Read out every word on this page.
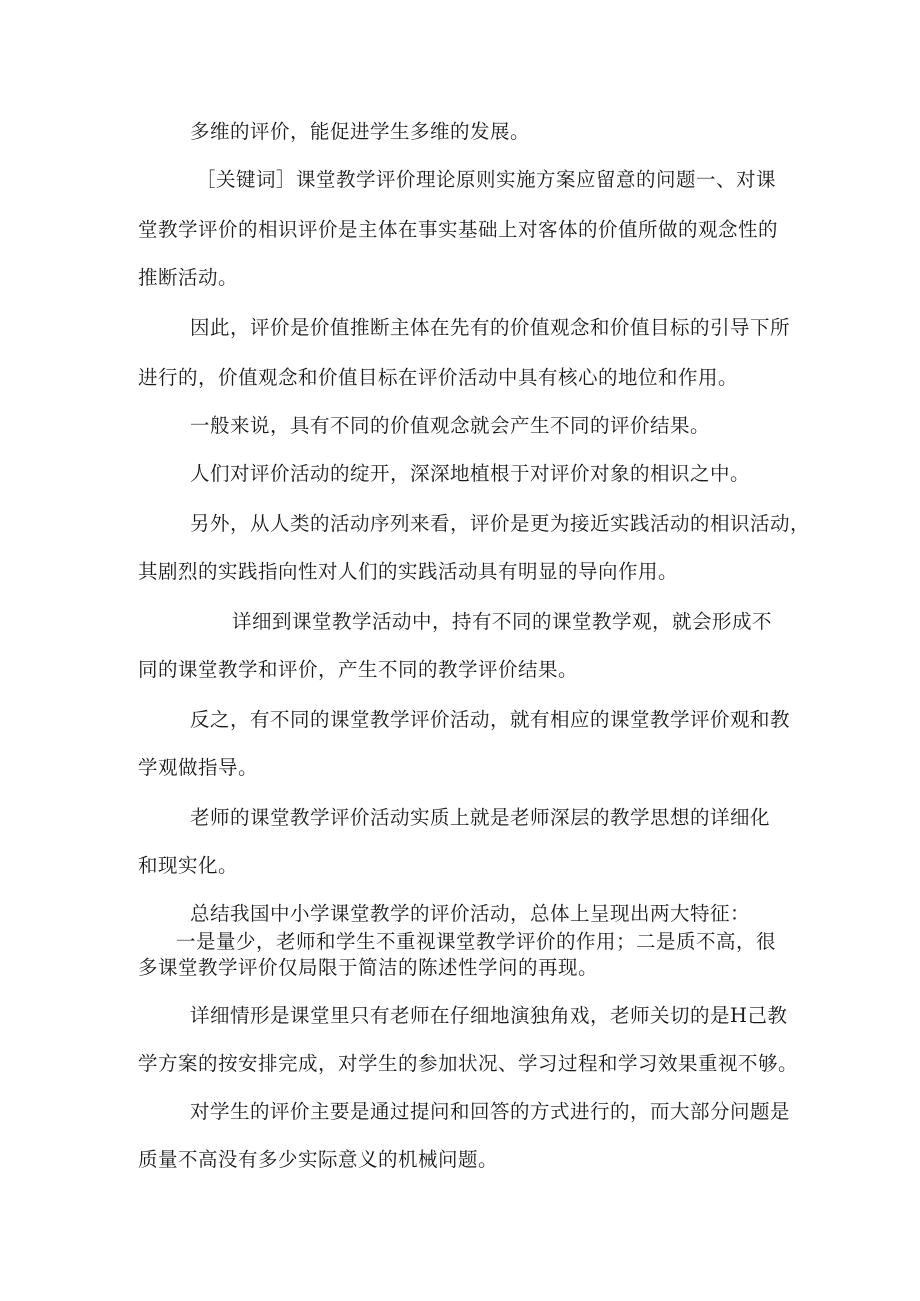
多维的评价，能促进学生多维的发展。
［关键词］课堂教学评价理论原则实施方案应留意的问题一、对课
堂教学评价的相识评价是主体在事实基础上对客体的价值所做的观念性的
推断活动。
因此，评价是价值推断主体在先有的价值观念和价值目标的引导下所
进行的，价值观念和价值目标在评价活动中具有核心的地位和作用。
一般来说，具有不同的价值观念就会产生不同的评价结果。
人们对评价活动的绽开，深深地植根于对评价对象的相识之中。
另外，从人类的活动序列来看，评价是更为接近实践活动的相识活动，
其剧烈的实践指向性对人们的实践活动具有明显的导向作用。
详细到课堂教学活动中，持有不同的课堂教学观，就会形成不
同的课堂教学和评价，产生不同的教学评价结果。
反之，有不同的课堂教学评价活动，就有相应的课堂教学评价观和教
学观做指导。
老师的课堂教学评价活动实质上就是老师深层的教学思想的详细化
和现实化。
总结我国中小学课堂教学的评价活动，总体上呈现出两大特征：
一是量少，老师和学生不重视课堂教学评价的作用；二是质不高，很
多课堂教学评价仅局限于简洁的陈述性学问的再现。
详细情形是课堂里只有老师在仔细地演独角戏，老师关切的是H己教
学方案的按安排完成，对学生的参加状况、学习过程和学习效果重视不够。
对学生的评价主要是通过提问和回答的方式进行的，而大部分问题是
质量不高没有多少实际意义的机械问题。
